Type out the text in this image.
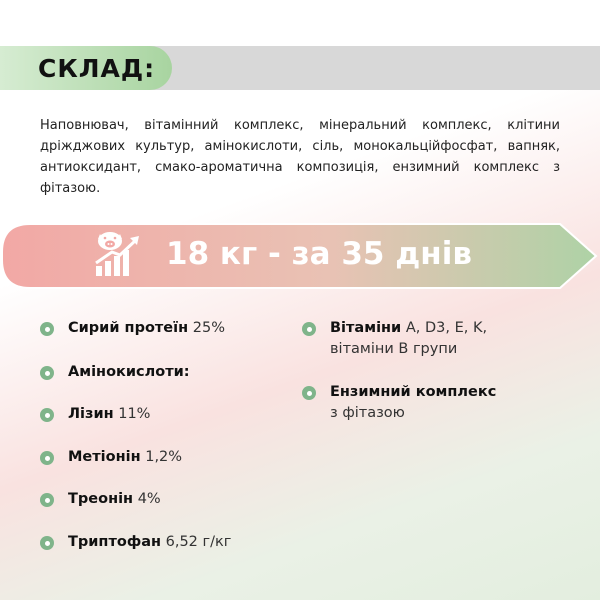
СКЛАД:

Наповнювач, вітамінний комплекс, мінеральний комплекс, клітини дріжджових культур, амінокислоти, сіль, монокальційфосфат, вапняк, антиоксидант, смако-ароматична композиція, ензимний комплекс з фітазою.

18 кг - за 35 днів
Сирий протеїн 25%
Амінокислоти:
Лізин 11%
Метіонін 1,2%
Треонін 4%
Триптофан 6,52 г/кг
Вітаміни A, D3, E, K,
вітаміни B групи
Ензимний комплекс
з фітазою
